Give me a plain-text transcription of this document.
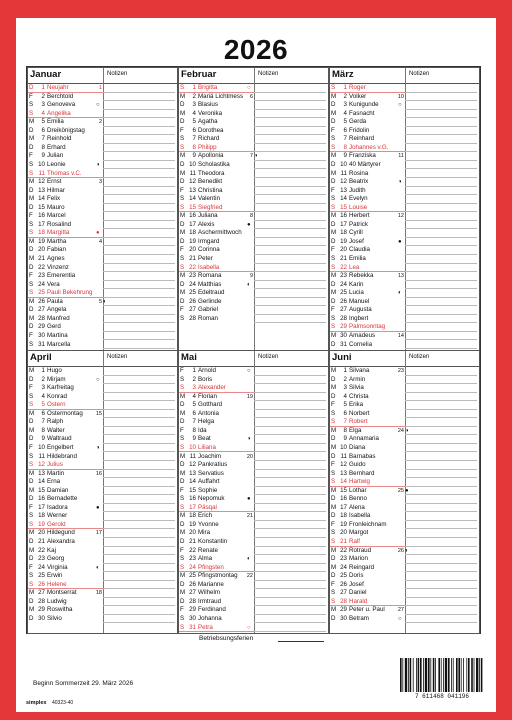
2026
Januar	Notizen
D	1 Neujahr	1
F	2 Berchtold
S	3 Genoveva	○
S	4 Angelika
M	5 Emilia	2
D	6 Dreikönigstag
M	7 Reinhold
D	8 Erhard
F	9 Julian
S 10 Leonie	◑
S 11 Thomas v.C.
M 12 Ernst	3
D 13 Hilmar
M 14 Felix
D 15 Mauro
F 16 Marcel
S 17 Rosalind
S 18 Margitta	●
M 19 Martha	4
D 20 Fabian
M 21 Agnes
D 22 Vinzenz
F 23 Emerentia
S 24 Vera
S 25 Pauli Bekehrung
M 26 Paula	5 ◐
D 27 Angela
M 28 Manfred
D 29 Gerd
F 30 Martina
S 31 Marcella
Februar	Notizen
S	1 Brigitta	○
M	2 Mariä Lichtmess	6
D	3 Blasius
M	4 Veronika
D	5 Agatha
F	6 Dorothea
S	7 Richard
S	8 Philipp
M	9 Apollonia	7 ◑
D 10 Scholastika
M 11 Theodora
D 12 Benedikt
F 13 Christina
S 14 Valentin
S 15 Siegfried
M 16 Juliana	8
D 17 Alexis	●
M 18 Aschermittwoch
D 19 Irmgard
F 20 Corinna
S 21 Peter
S 22 Isabella
M 23 Romana	9
D 24 Matthias	◐
M 25 Edeltraud
D 26 Gerlinde
F 27 Gabriel
S 28 Roman
März	Notizen
S	1 Roger
M	2 Volker	10
D	3 Kunigunde	○
M	4 Fasnacht
D	5 Gerda
F	6 Fridolin
S	7 Reinhard
S	8 Johannes v.G.
M	9 Franziska	11
D 10 40 Märtyrer
M 11 Rosina
D 12 Beatrix	◑
F 13 Judith
S 14 Evelyn
S 15 Louise
M 16 Herbert	12
D 17 Patrick
M 18 Cyrill
D 19 Josef	●
F 20 Claudia
S 21 Emilia
S 22 Lea
M 23 Rebekka	13
D 24 Karin
M 25 Lucia	◐
D 26 Manuel
F 27 Augusta
S 28 Ingbert
S 29 Palmsonntag
M 30 Amadeus	14
D 31 Cornelia
April	Notizen
M	1 Hugo
D	2 Mirjam	○
F	3 Karfreitag
S	4 Konrad
S	5 Ostern
M	6 Ostermontag	15
D	7 Ralph
M	8 Walter
D	9 Waltraud
F 10 Engelbert	◑
S 11 Hildebrand
S 12 Julius
M 13 Martin	16
D 14 Erna
M 15 Damian
D 16 Bernadette
F 17 Isadora	●
S 18 Werner
S 19 Gerold
M 20 Hildegund	17
D 21 Alexandra
M 22 Kaj
D 23 Georg
F 24 Virginia	◐
S 25 Erwin
S 26 Helene
M 27 Montserrat	18
D 28 Ludwig
M 29 Roswitha
D 30 Silvio
Mai	Notizen
F	1 Arnold	○
S	2 Boris
S	3 Alexander
M	4 Florian	19
D	5 Gotthard
M	6 Antonia
D	7 Helga
F	8 Ida
S	9 Beat	◑
S 10 Liliana
M 11 Joachim	20
D 12 Pankratius
M 13 Servatius
D 14 Auffahrt
F 15 Sophie
S 16 Nepomuk	●
S 17 Päsqal
M 18 Erich	21
D 19 Yvonne
M 20 Mira
D 21 Konstantin
F 22 Renate
S 23 Alma	◐
S 24 Pfingsten
M 25 Pfingstmontag	22
D 26 Marianne
M 27 Wilhelm
D 28 Irmtraud
F 29 Ferdinand
S 30 Johanna
S 31 Petra	○
Juni	Notizen
M	1 Silvana	23
D	2 Armin
M	3 Silvia
D	4 Christa
F	5 Erika
S	6 Norbert
S	7 Robert
M	8 Elga	24 ◑
D	9 Annamaria
M 10 Diana
D 11 Barnabas
F 12 Guido
S 13 Bernhard
S 14 Hartwig
M 15 Lothar	25 ●
D 16 Benno
M 17 Alena
D 18 Isabella
F 19 Fronleichnam
S 20 Margot
S 21 Ralf
M 22 Rotraud	26 ◐
D 23 Marion
M 24 Reingard
D 25 Doris
F 26 Josef
S 27 Daniel
S 28 Harald
M 29 Peter u. Paul	27
D 30 Betram	○
Betriebsungsferien
Beginn Sommerzeit 29. März 2026
simplex 40323-40
7 611468 041196
